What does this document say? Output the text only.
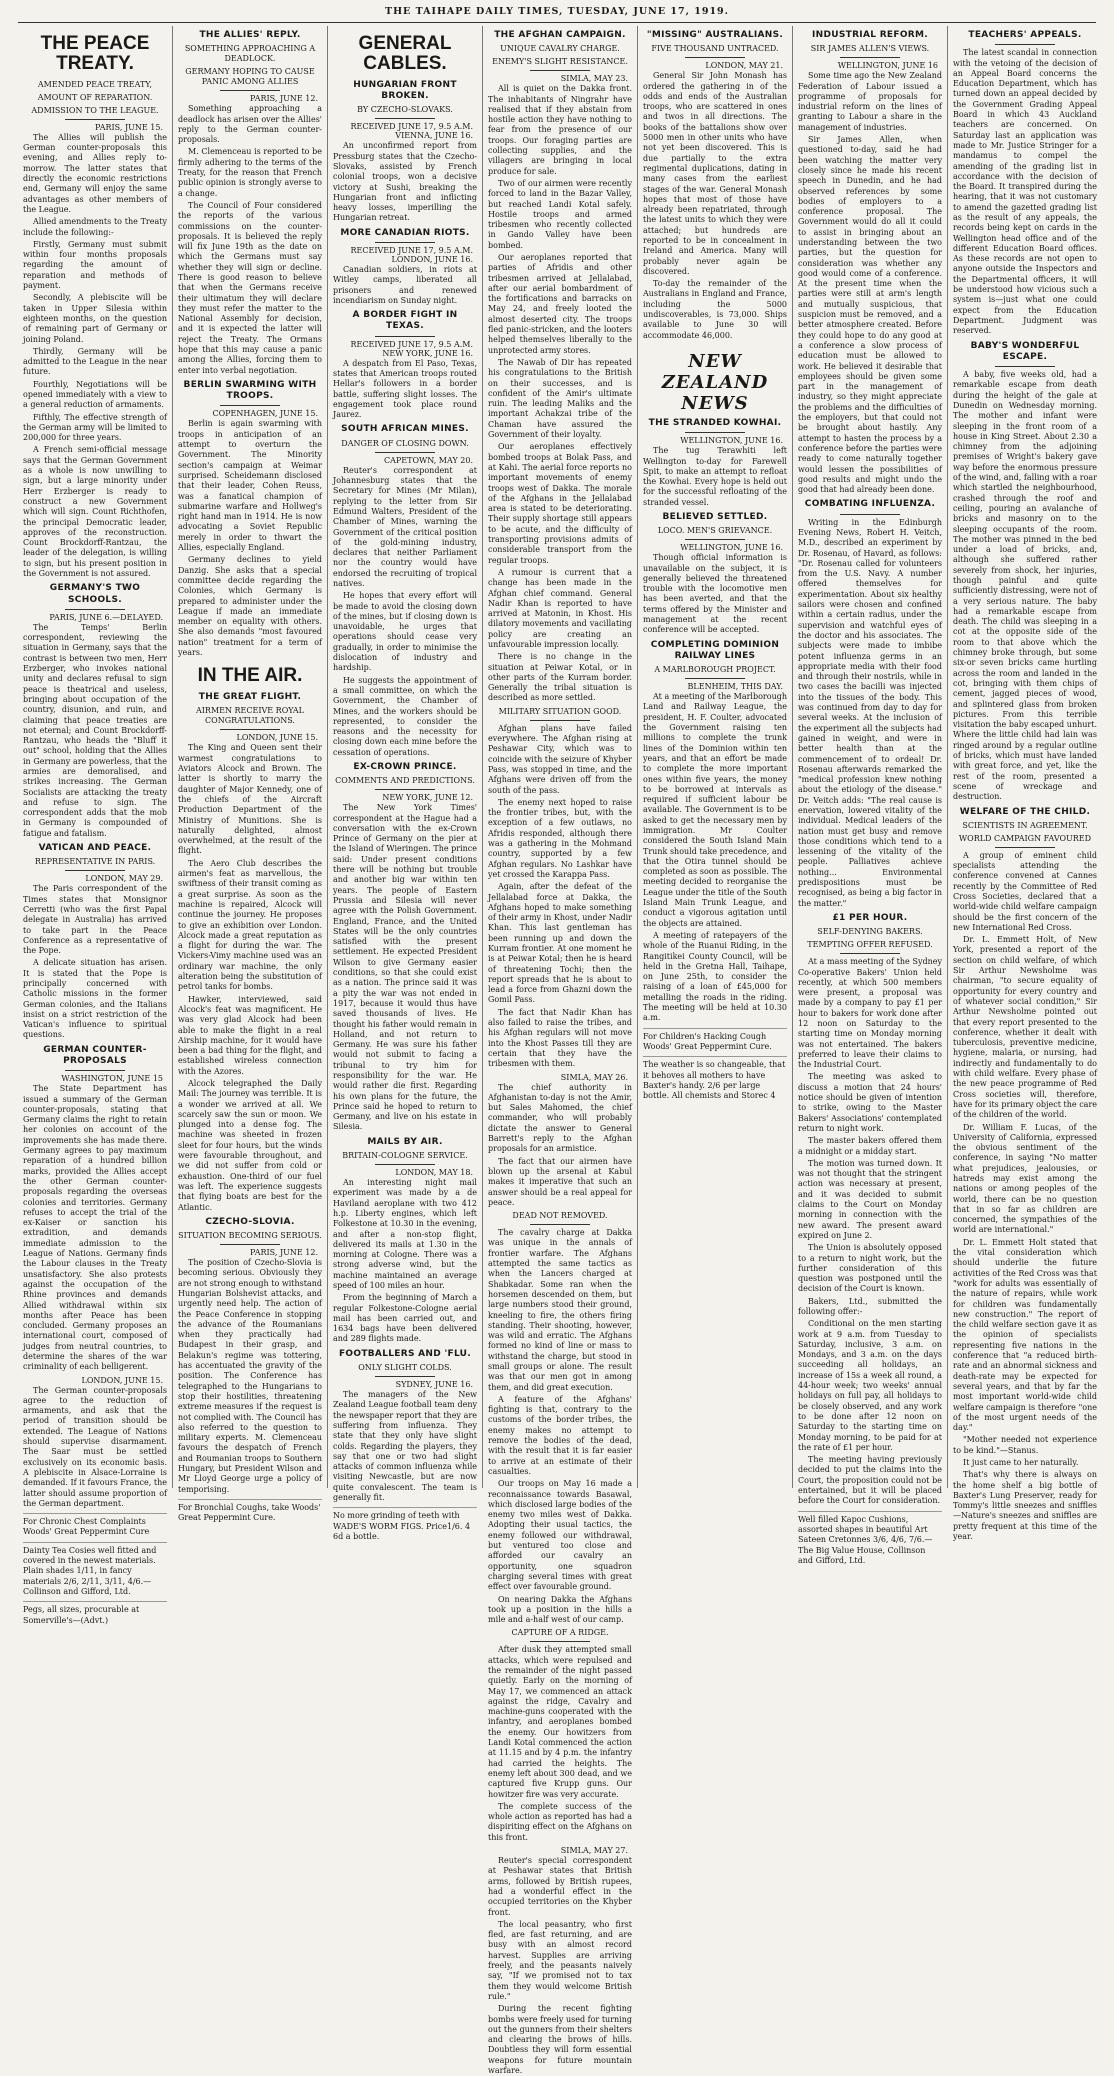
THE TAIHAPE DAILY TIMES, TUESDAY, JUNE 17, 1919.
THE PEACE TREATY.
AMENDED PEACE TREATY,
AMOUNT OF REPARATION.
ADMISSION TO THE LEAGUE.
PARIS, JUNE 15.
The Allies will publish the German counter-proposals this evening, and Allies reply to-morrow. The latter states that directly the economic restrictions end, Germany will enjoy the same advantages as other members of the League.
Allied amendments to the Treaty include the following:-
Firstly, Germany must submit within four months proposals regarding the amount of reparation and methods of payment.
Secondly, A plebiscite will be taken in Upper Silesia within eighteen months, on the question of remaining part of Germany or joining Poland.
Thirdly, Germany will be admitted to the League in the near future.
Fourthly, Negotiations will be opened immediately with a view to a general reduction of armaments.
Fifthly, The effective strength of the German army will be limited to 200,000 for three years.
A French semi-official message says that the German Government as a whole is now unwilling to sign, but a large minority under Herr Erzberger is ready to construct a new Government which will sign. Count Richthofen, the principal Democratic leader, approves of the reconstruction. Count Brockdorff-Rantzau, the leader of the delegation, is willing to sign, but his present position in the Government is not assured.
GERMANY'S TWO SCHOOLS.
PARIS, JUNE 6.—DELAYED.
The Temps' Berlin correspondent, reviewing the situation in Germany, says that the contrast is between two men, Herr Erzberger, who invokes national unity and declares refusal to sign peace is theatrical and useless, bringing about occupation of the country, disunion, and ruin, and claiming that peace treaties are not eternal; and Count Brockdorff-Rantzau, who heads the "Bluff it out" school, holding that the Allies in Germany are powerless, that the armies are demoralised, and strikes increasing. The German Socialists are attacking the treaty and refuse to sign. The correspondent adds that the mob in Germany is compounded of fatigue and fatalism.
VATICAN AND PEACE.
REPRESENTATIVE IN PARIS.
LONDON, MAY 29.
The Paris correspondent of the Times states that Monsignor Cerretti (who was the first Papal delegate in Australia) has arrived to take part in the Peace Conference as a representative of the Pope.
A delicate situation has arisen. It is stated that the Pope is principally concerned with Catholic missions in the former German colonies, and the Italians insist on a strict restriction of the Vatican's influence to spiritual questions.
GERMAN COUNTER-PROPOSALS
WASHINGTON, JUNE 15
The State Department has issued a summary of the German counter-proposals, stating that Germany claims the right to retain her colonies on account of the improvements she has made there. Germany agrees to pay maximum reparation of a hundred billion marks, provided the Allies accept the other German counter-proposals regarding the overseas colonies and territories. Germany refuses to accept the trial of the ex-Kaiser or sanction his extradition, and demands immediate admission to the League of Nations. Germany finds the Labour clauses in the Treaty unsatisfactory. She also protests against the occupation of the Rhine provinces and demands Allied withdrawal within six months after Peace has been concluded. Germany proposes an international court, composed of judges from neutral countries, to determine the shares of the war criminality of each belligerent.
LONDON, JUNE 15.
The German counter-proposals agree to the reduction of armaments, and ask that the period of transition should be extended. The League of Nations should supervise disarmament. The Saar must be settled exclusively on its economic basis. A plebiscite in Alsace-Lorraine is demanded. If it favours France, the latter should assume proportion of the German department.
For Chronic Chest Complaints Woods' Great Peppermint Cure
Dainty Tea Cosies well fitted and covered in the newest materials. Plain shades 1/11, in fancy materials 2/6, 2/11, 3/11, 4/6.—Collinson and Gifford, Ltd.
Pegs, all sizes, procurable at Somerville's—(Advt.)
THE ALLIES' REPLY.
SOMETHING APPROACHING A DEADLOCK.
GERMANY HOPING TO CAUSE PANIC AMONG ALLIES
PARIS, JUNE 12.
Something approaching a deadlock has arisen over the Allies' reply to the German counter-proposals.
M. Clemenceau is reported to be firmly adhering to the terms of the Treaty, for the reason that French public opinion is strongly averse to a change.
The Council of Four considered the reports of the various commissions on the counter-proposals. It is believed the reply will fix June 19th as the date on which the Germans must say whether they will sign or decline. There is good reason to believe that when the Germans receive their ultimatum they will declare they must refer the matter to the National Assembly for decision, and it is expected the latter will reject the Treaty. The Ormans hope that this may cause a panic among the Allies, forcing them to enter into verbal negotiation.
BERLIN SWARMING WITH TROOPS.
COPENHAGEN, JUNE 15.
Berlin is again swarming with troops in anticipation of an attempt to overturn the Government. The Minority section's campaign at Weimar surprised. Scheidemann disclosed that their leader, Cohen Reuss, was a fanatical champion of submarine warfare and Hollweg's right hand man in 1914. He is now advocating a Soviet Republic merely in order to thwart the Allies, especially England.
Germany declines to yield Danzig. She asks that a special committee decide regarding the Colonies, which Germany is prepared to administer under the League if made an immediate member on equality with others. She also demands "most favoured nation" treatment for a term of years.
IN THE AIR.
THE GREAT FLIGHT.
AIRMEN RECEIVE ROYAL CONGRATULATIONS.
LONDON, JUNE 15.
The King and Queen sent their warmest congratulations to Aviators Alcock and Brown. The latter is shortly to marry the daughter of Major Kennedy, one of the chiefs of the Aircraft Production Department of the Ministry of Munitions. She is naturally delighted, almost overwhelmed, at the result of the flight.
The Aero Club describes the airmen's feat as marvellous, the swiftness of their transit coming as a great surprise. As soon as the machine is repaired, Alcock will continue the journey. He proposes to give an exhibition over London. Alcock made a great reputation as a flight for during the war. The Vickers-Vimy machine used was an ordinary war machine, the only alteration being the substitution of petrol tanks for bombs.
Hawker, interviewed, said Alcock's feat was magnificent. He was very glad Alcock had been able to make the flight in a real Airship machine, for it would have been a bad thing for the flight, and established wireless connection with the Azores.
Alcock telegraphed the Daily Mail: The journey was terrible. It is a wonder we arrived at all. We scarcely saw the sun or moon. We plunged into a dense fog. The machine was sheeted in frozen sleet for four hours, but the winds were favourable throughout, and we did not suffer from cold or exhaustion. One-third of our fuel was left. The experience suggests that flying boats are best for the Atlantic.
CZECHO-SLOVIA.
SITUATION BECOMING SERIOUS.
PARIS, JUNE 12.
The position of Czecho-Slovia is becoming serious. Obviously they are not strong enough to withstand Hungarian Bolshevist attacks, and urgently need help. The action of the Peace Conference in stopping the advance of the Roumanians when they practically had Budapest in their grasp, and Belakun's regime was tottering, has accentuated the gravity of the position. The Conference has telegraphed to the Hungarians to stop their hostilities, threatening extreme measures if the request is not complied with. The Council has also referred to the question to military experts. M. Clemenceau favours the despatch of French and Roumanian troops to Southern Hungary, but President Wilson and Mr Lloyd George urge a policy of temporising.
For Bronchial Coughs, take Woods' Great Peppermint Cure.
GENERAL CABLES.
HUNGARIAN FRONT BROKEN.
BY CZECHO-SLOVAKS.
RECEIVED JUNE 17, 9.5 A.M. VIENNA, JUNE 16.
An unconfirmed report from Pressburg states that the Czecho-Slovaks, assisted by French colonial troops, won a decisive victory at Sushi, breaking the Hungarian front and inflicting heavy losses, imperilling the Hungarian retreat.
MORE CANADIAN RIOTS.
RECEIVED JUNE 17, 9.5 A.M. LONDON, JUNE 16.
Canadian soldiers, in riots at Witley camps, liberated all prisoners and renewed incendiarism on Sunday night.
A BORDER FIGHT IN TEXAS.
RECEIVED JUNE 17, 9.5 A.M. NEW YORK, JUNE 16.
A despatch from El Paso, Texas, states that American troops routed Hellar's followers in a border battle, suffering slight losses. The engagement took place round Jaurez.
SOUTH AFRICAN MINES.
DANGER OF CLOSING DOWN.
CAPETOWN, MAY 20.
Reuter's correspondent at Johannesburg states that the Secretary for Mines (Mr Milan), replying to the letter from Sir Edmund Walters, President of the Chamber of Mines, warning the Government of the critical position of the gold-mining industry, declares that neither Parliament nor the country would have endorsed the recruiting of tropical natives.
He hopes that every effort will be made to avoid the closing down of the mines, but if closing down is unavoidable, he urges that operations should cease very gradually, in order to minimise the dislocation of industry and hardship.
He suggests the appointment of a small committee, on which the Government, the Chamber of Mines, and the workers should be represented, to consider the reasons and the necessity for closing down each mine before the cessation of operations.
EX-CROWN PRINCE.
COMMENTS AND PREDICTIONS.
NEW YORK, JUNE 12.
The New York Times' correspondent at the Hague had a conversation with the ex-Crown Prince of Germany on the pier at the Island of Wieringen. The prince said: Under present conditions there will be nothing but trouble and another big war within ten years. The people of Eastern Prussia and Silesia will never agree with the Polish Government. England, France, and the United States will be the only countries satisfied with the present settlement. He expected President Wilson to give Germany easier conditions, so that she could exist as a nation. The prince said it was a pity the war was not ended in 1917, because it would thus have saved thousands of lives. He thought his father would remain in Holland, and not return to Germany. He was sure his father would not submit to facing a tribunal to try him for responsibility for the war. He would rather die first. Regarding his own plans for the future, the Prince said he hoped to return to Germany, and live on his estate in Silesia.
MAILS BY AIR.
BRITAIN-COLOGNE SERVICE.
LONDON, MAY 18.
An interesting night mail experiment was made by a de Haviland aeroplane with two 412 h.p. Liberty engines, which left Folkestone at 10.30 in the evening, and after a non-stop flight, delivered its mails at 1.30 in the morning at Cologne. There was a strong adverse wind, but the machine maintained an average speed of 100 miles an hour.
From the beginning of March a regular Folkestone-Cologne aerial mail has been carried out, and 1634 bags have been delivered and 289 flights made.
FOOTBALLERS AND 'FLU.
ONLY SLIGHT COLDS.
SYDNEY, JUNE 16.
The managers of the New Zealand League football team deny the newspaper report that they are suffering from influenza. They state that they only have slight colds. Regarding the players, they say that one or two had slight attacks of common influenza while visiting Newcastle, but are now quite convalescent. The team is generally fit.
No more grinding of teeth with WADE'S WORM FIGS. Price1/6. 4 6d a bottle.
THE AFGHAN CAMPAIGN.
UNIQUE CAVALRY CHARGE.
ENEMY'S SLIGHT RESISTANCE.
SIMLA, MAY 23.
All is quiet on the Dakka front. The inhabitants of Ningrahr have realised that if they abstain from hostile action they have nothing to fear from the presence of our troops. Our foraging parties are collecting supplies, and the villagers are bringing in local produce for sale.
Two of our airmen were recently forced to land in the Bazar Valley, but reached Landi Kotal safely. Hostile troops and armed tribesmen who recently collected in Gando Valley have been bombed.
Our aeroplanes reported that parties of Afridis and other tribesmen arrived at Jellalabad, after our aerial bombardment of the fortifications and barracks on May 24, and freely looted the almost deserted city. The troops fled panic-stricken, and the looters helped themselves liberally to the unprotected army stores.
The Nawab of Dir has repeated his congratulations to the British on their successes, and is confident of the Amir's ultimate ruin. The leading Maliks and the important Achakzai tribe of the Chaman have assured the Government of their loyalty.
Our aeroplanes effectively bombed troops at Bolak Pass, and at Kahi. The aerial force reports no important movements of enemy troops west of Dakka. The morale of the Afghans in the Jellalabad area is stated to be deteriorating. Their supply shortage still appears to be acute, and the difficulty of transporting provisions admits of considerable transport from the regular troops.
A rumour is current that a change has been made in the Afghan chief command. General Nadir Khan is reported to have arrived at Matonin, in Khost. His dilatory movements and vacillating policy are creating an unfavourable impression locally.
There is no change in the situation at Peiwar Kotal, or in other parts of the Kurram border. Generally the tribal situation is described as more settled.
MILITARY SITUATION GOOD.
Afghan plans have failed everywhere. The Afghan rising at Peshawar City, which was to coincide with the seizure of Khyber Pass, was stopped in time, and the Afghans were driven off from the south of the pass.
The enemy next hoped to raise the frontier tribes, but, with the exception of a few outlaws, no Afridis responded, although there was a gathering in the Mohmand country, supported by a few Afghan regulars. No Lashkar have yet crossed the Karappa Pass.
Again, after the defeat of the Jellalabad force at Dakka, the Afghans hoped to make something of their army in Khost, under Nadir Khan. This last gentleman has been running up and down the Kurram frontier. At one moment he is at Peiwar Kotal; then he is heard of threatening Tochi; then the report spreads that he is about to lead a force from Ghazni down the Gomil Pass.
The fact that Nadir Khan has also failed to raise the tribes, and his Afghan regulars will not move into the Khost Passes till they are certain that they have the tribesmen with them.
SIMLA, MAY 26.
The chief authority in Afghanistan to-day is not the Amir, but Sales Mahomed, the chief commander, who will probably dictate the answer to General Barrett's reply to the Afghan proposals for an armistice.
The fact that our airmen have blown up the arsenal at Kabul makes it imperative that such an answer should be a real appeal for peace.
DEAD NOT REMOVED.
The cavalry charge at Dakka was unique in the annals of frontier warfare. The Afghans attempted the same tactics as when the Lancers charged at Shabkadar. Some ran when the horsemen descended on them, but large numbers stood their ground, kneeling to fire, the others firing standing. Their shooting, however, was wild and erratic. The Afghans formed no kind of line or mass to withstand the charge, but stood in small groups or alone. The result was that our men got in among them, and did great execution.
A feature of the Afghans' fighting is that, contrary to the customs of the border tribes, the enemy makes no attempt to remove the bodies of the dead, with the result that it is far easier to arrive at an estimate of their casualties.
Our troops on May 16 made a reconnaissance towards Basawal, which disclosed large bodies of the enemy two miles west of Dakka. Adopting their usual tactics, the enemy followed our withdrawal, but ventured too close and afforded our cavalry an opportunity, one squadron charging several times with great effect over favourable ground.
On nearing Dakka the Afghans took up a position in the hills a mile and a-half west of our camp.
CAPTURE OF A RIDGE.
After dusk they attempted small attacks, which were repulsed and the remainder of the night passed quietly. Early on the morning of May 17, we commenced an attack against the ridge, Cavalry and machine-guns cooperated with the infantry, and aeroplanes bombed the enemy. Our howitzers from Landi Kotal commenced the action at 11.15 and by 4 p.m. the infantry had carried the heights. The enemy left about 300 dead, and we captured five Krupp guns. Our howitzer fire was very accurate.
The complete success of the whole action as reported has had a dispiriting effect on the Afghans on this front.
SIMLA, MAY 27.
Reuter's special correspondent at Peshawar states that British arms, followed by British rupees, had a wonderful effect in the occupied territories on the Khyber front.
The local peasantry, who first fled, are fast returning, and are busy with an almost record harvest. Supplies are arriving freely, and the peasants naively say, "If we promised not to tax them they would welcome British rule."
During the recent fighting bombs were freely used for turning out the gunners from their shelters and clearing the brows of hills. Doubtless they will form essential weapons for future mountain warfare.
"MISSING" AUSTRALIANS.
FIVE THOUSAND UNTRACED.
LONDON, MAY 21.
General Sir John Monash has ordered the gathering in of the odds and ends of the Australian troops, who are scattered in ones and twos in all directions. The books of the battalions show over 5000 men in other units who have not yet been discovered. This is due partially to the extra regimental duplications, dating in many cases from the earliest stages of the war. General Monash hopes that most of those have already been repatriated, through the latest units to which they were attached; but hundreds are reported to be in concealment in Ireland and America. Many will probably never again be discovered.
To-day the remainder of the Australians in England and France, including the 5000 undiscoverables, is 73,000. Ships available to June 30 will accommodate 46,000.
NEW ZEALAND NEWS
THE STRANDED KOWHAI.
WELLINGTON, JUNE 16.
The tug Terawhiti left Wellington to-day for Farewell Spit, to make an attempt to refloat the Kowhai. Every hope is held out for the successful refloating of the stranded vessel.
BELIEVED SETTLED.
LOCO. MEN'S GRIEVANCE.
WELLINGTON, JUNE 16.
Though official information is unavailable on the subject, it is generally believed the threatened trouble with the locomotive men has been averted, and that the terms offered by the Minister and management at the recent conference will be accepted.
COMPLETING DOMINION RAILWAY LINES
A MARLBOROUGH PROJECT.
BLENHEIM, THIS DAY.
At a meeting of the Marlborough Land and Railway League, the president, H. F. Coulter, advocated the Government raising ten millions to complete the trunk lines of the Dominion within ten years, and that an effort be made to complete the more important ones within five years, the money to be borrowed at intervals as required if sufficient labour be available. The Government is to be asked to get the necessary men by immigration. Mr Coulter considered the South Island Main Trunk should take precedence, and that the Otira tunnel should be completed as soon as possible. The meeting decided to reorganise the League under the title of the South Island Main Trunk League, and conduct a vigorous agitation until the objects are attained.
A meeting of ratepayers of the whole of the Ruanui Riding, in the Rangitikei County Council, will be held in the Gretna Hall, Taihape, on June 25th, to consider the raising of a loan of £45,000 for metalling the roads in the riding. The meeting will be held at 10.30 a.m.
For Children's Hacking Cough Woods' Great Peppermint Cure.
The weather is so changeable, that it behoves all mothers to have Baxter's handy. 2/6 per large bottle. All chemists and Storec 4
INDUSTRIAL REFORM.
SIR JAMES ALLEN'S VIEWS.
WELLINGTON, JUNE 16
Some time ago the New Zealand Federation of Labour issued a programme of proposals for industrial reform on the lines of granting to Labour a share in the management of industries.
Sir James Allen, when questioned to-day, said he had been watching the matter very closely since he made his recent speech in Dunedin, and he had observed references by some bodies of employers to a conference proposal. The Government would do all it could to assist in bringing about an understanding between the two parties, but the question for consideration was whether any good would come of a conference. At the present time when the parties were still at arm's length and mutually suspicious, that suspicion must be removed, and a better atmosphere created. Before they could hope to do any good at a conference a slow process of education must be allowed to work. He believed it desirable that employees should be given some part in the management of industry, so they might appreciate the problems and the difficulties of the employers, but that could not be brought about hastily. Any attempt to hasten the process by a conference before the parties were ready to come naturally together would lessen the possibilities of good results and might undo the good that had already been done.
COMBATING INFLUENZA.
Writing in the Edinburgh Evening News, Robert H. Veitch, M.D., described an experiment by Dr. Rosenau, of Havard, as follows: "Dr. Rosenau called for volunteers from the U.S. Navy. A number offered themselves for experimentation. About six healthy sailors were chosen and confined within a certain radius, under the supervision and watchful eyes of the doctor and his associates. The subjects were made to imbibe potent influenza germs in an appropriate media with their food and through their nostrils, while in two cases the bacilli was injected into the tissues of the body. This was continued from day to day for several weeks. At the inclusion of the experiment all the subjects had gained in weight, and were in better health than at the commencement of to ordeal! Dr. Rosenau afterwards remarked the "medical profession knew nothing about the etiology of the disease." Dr. Veitch adds: "The real cause is enervation, lowered vitality of the individual. Medical leaders of the nation must get busy and remove those conditions which tend to a lessening of the vitality of the people. Palliatives achieve nothing... Environmental predispositions must be recognised, as being a big factor in the matter."
£1 PER HOUR.
SELF-DENYING BAKERS.
TEMPTING OFFER REFUSED.
At a mass meeting of the Sydney Co-operative Bakers' Union held recently, at which 500 members were present, a proposal was made by a company to pay £1 per hour to bakers for work done after 12 noon on Saturday to the starting time on Monday morning was not entertained. The bakers preferred to leave their claims to the Industrial Court.
The meeting was asked to discuss a motion that 24 hours' notice should be given of intention to strike, owing to the Master Bakers' Associations' contemplated return to night work.
The master bakers offered them a midnight or a midday start.
The motion was turned down. It was not thought that the stringent action was necessary at present, and it was decided to submit claims to the Court on Monday morning in connection with the new award. The present award expired on June 2.
The Union is absolutely opposed to a return to night work, but the further consideration of this question was postponed until the decision of the Court is known.
Bakers, Ltd., submitted the following offer:-
Conditional on the men starting work at 9 a.m. from Tuesday to Saturday, inclusive, 3 a.m. on Mondays, and 3 a.m. on the days succeeding all holidays, an increase of 15s a week all round, a 44-hour week; two weeks' annual holidays on full pay, all holidays to be closely observed, and any work to be done after 12 noon on Saturday to the starting time on Monday morning, to be paid for at the rate of £1 per hour.
The meeting having previously decided to put the claims into the Court, the proposition could not be entertained, but it will be placed before the Court for consideration.
Well filled Kapoc Cushions, assorted shapes in beautiful Art Sateen Cretonnes 3/6, 4/6, 7/6.—The Big Value House, Collinson and Gifford, Ltd.
TEACHERS' APPEALS.
The latest scandal in connection with the vetoing of the decision of an Appeal Board concerns the Education Department, which has turned down an appeal decided by the Government Grading Appeal Board in which 43 Auckland teachers are concerned. On Saturday last an application was made to Mr. Justice Stringer for a mandamus to compel the amending of the grading list in accordance with the decision of the Board. It transpired during the hearing, that it was not customary to amend the gazetted grading list as the result of any appeals, the records being kept on cards in the Wellington head office and of the different Education Board offices. As these records are not open to anyone outside the Inspectors and the Departmental officers, it will be understood how vicious such a system is—just what one could expect from the Education Department. Judgment was reserved.
BABY'S WONDERFUL ESCAPE.
A baby, five weeks old, had a remarkable escape from death during the height of the gale at Dunedin on Wednesday morning. The mother and infant were sleeping in the front room of a house in King Street. About 2.30 a chimney from the adjoining premises of Wright's bakery gave way before the enormous pressure of the wind, and, falling with a roar which startled the neighbourhood, crashed through the roof and ceiling, pouring an avalanche of bricks and masonry on to the sleeping occupants of the room. The mother was pinned in the bed under a load of bricks, and, although she suffered rather severely from shock, her injuries, though painful and quite sufficiently distressing, were not of a very serious nature. The baby had a remarkable escape from death. The child was sleeping in a cot at the opposite side of the room to that above which the chimney broke through, but some six-or seven bricks came hurtling across the room and landed in the cot, bringing with them chips of cement, jagged pieces of wood, and splintered glass from broken pictures. From this terrible visitation the baby escaped unhurt. Where the little child had lain was ringed around by a regular outline of bricks, which must have landed with great force, and yet, like the rest of the room, presented a scene of wreckage and destruction.
WELFARE OF THE CHILD.
SCIENTISTS IN AGREEMENT.
WORLD CAMPAIGN FAVOURED
A group of eminent child specialists attending the conference convened at Cannes recently by the Committee of Red Cross Societies, declared that a world-wide child welfare campaign should be the first concern of the new International Red Cross.
Dr. L. Emmett Holt, of New York, presented a report of the section on child welfare, of which Sir Arthur Newsholme was chairman, "to secure equality of opportunity for every country and of whatever social condition," Sir Arthur Newsholme pointed out that every report presented to the conference, whether it dealt with tuberculosis, preventive medicine, hygiene, malaria, or nursing, had indirectly and fundamentally to do with child welfare. Every phase of the new peace programme of Red Cross societies will, therefore, have for its primary object the care of the children of the world.
Dr. William F. Lucas, of the University of California, expressed the obvious sentiment of the conference, in saying "No matter what prejudices, jealousies, or hatreds may exist among the nations or among peoples of the world, there can be no question that in so far as children are concerned, the sympathies of the world are international."
Dr. L. Emmett Holt stated that the vital consideration which should underlie the future activities of the Red Cross was that "work for adults was essentially of the nature of repairs, while work for children was fundamentally new construction." The report of the child welfare section gave it as the opinion of specialists representing five nations in the conference that "a reduced birth-rate and an abnormal sickness and death-rate may be expected for several years, and that by far the most important world-wide child welfare campaign is therefore "one of the most urgent needs of the day."
"Mother needed not experience to be kind."—Stanus.
It just came to her naturally.
That's why there is always on the home shelf a big bottle of Baxter's Lung Preserver, ready for Tommy's little sneezes and sniffles—Nature's sneezes and sniffles are pretty frequent at this time of the year.
